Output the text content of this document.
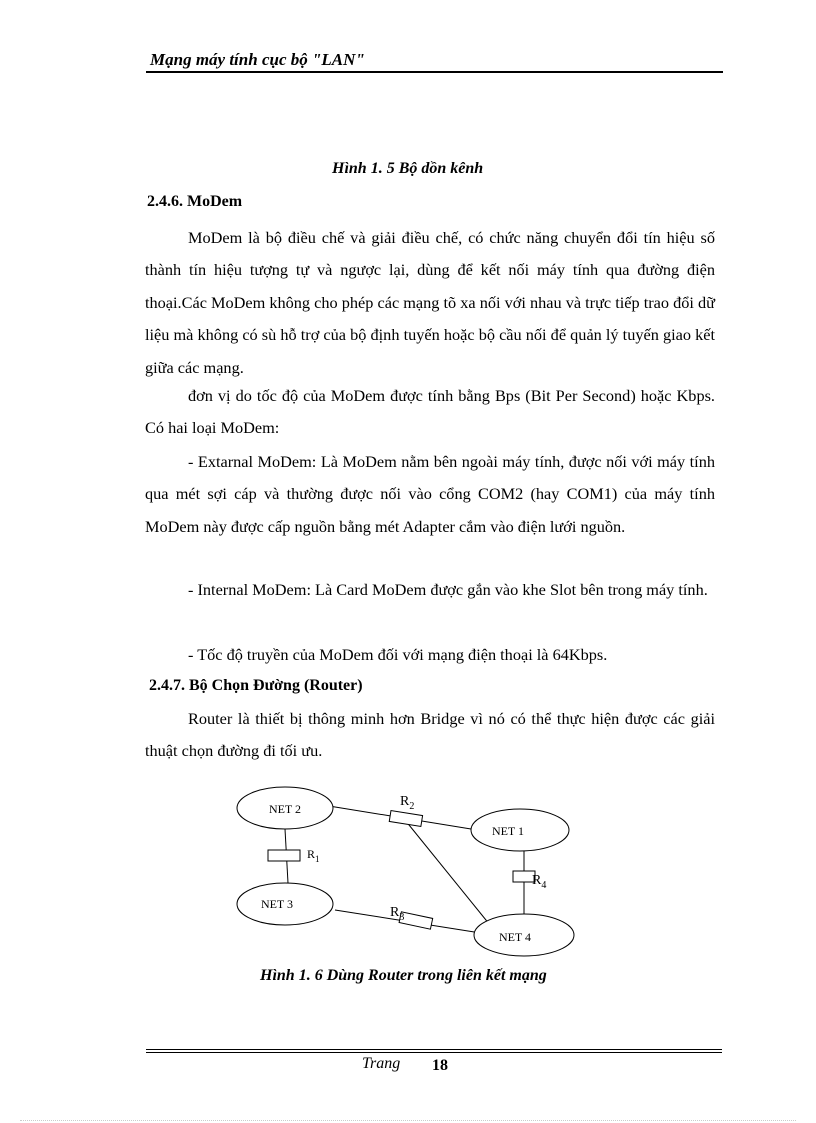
Mạng máy tính cục bộ "LAN"
Hình 1. 5 Bộ dồn kênh
2.4.6. MoDem

MoDem là bộ điều chế và giải điều chế, có chức năng chuyển đổi tín hiệu số thành tín hiệu tượng tự và ngược lại, dùng để kết nối máy tính qua đường điện thoại.Các MoDem không cho phép các mạng tõ xa nối với nhau và trực tiếp trao đổi dữ liệu mà không có sù hỗ trợ của bộ định tuyến hoặc bộ cầu nối để quản lý tuyến giao kết giữa các mạng.

đơn vị do tốc độ của MoDem được tính bằng Bps (Bit Per Second) hoặc Kbps. Có hai loại MoDem:

- Extarnal MoDem: Là MoDem nằm bên ngoài máy tính, được nối với máy tính qua mét sợi cáp và thường được nối vào cổng COM2 (hay COM1) của máy tính MoDem này được cấp nguồn bằng mét Adapter cắm vào điện lưới nguồn.

- Internal MoDem: Là Card MoDem được gắn vào khe Slot bên trong máy tính.

- Tốc độ truyền của MoDem đối với mạng điện thoại là 64Kbps.

2.4.7. Bộ Chọn Đường (Router)

Router là thiết bị thông minh hơn Bridge vì nó có thể thực hiện được các giải thuật chọn đường đi tối ưu.

NET 2
NET 1
NET 3
NET 4
$R_2$
$R_1$
$R_4$
$R_3$
Hình 1. 6 Dùng Router trong liên kết mạng
Trang 18
